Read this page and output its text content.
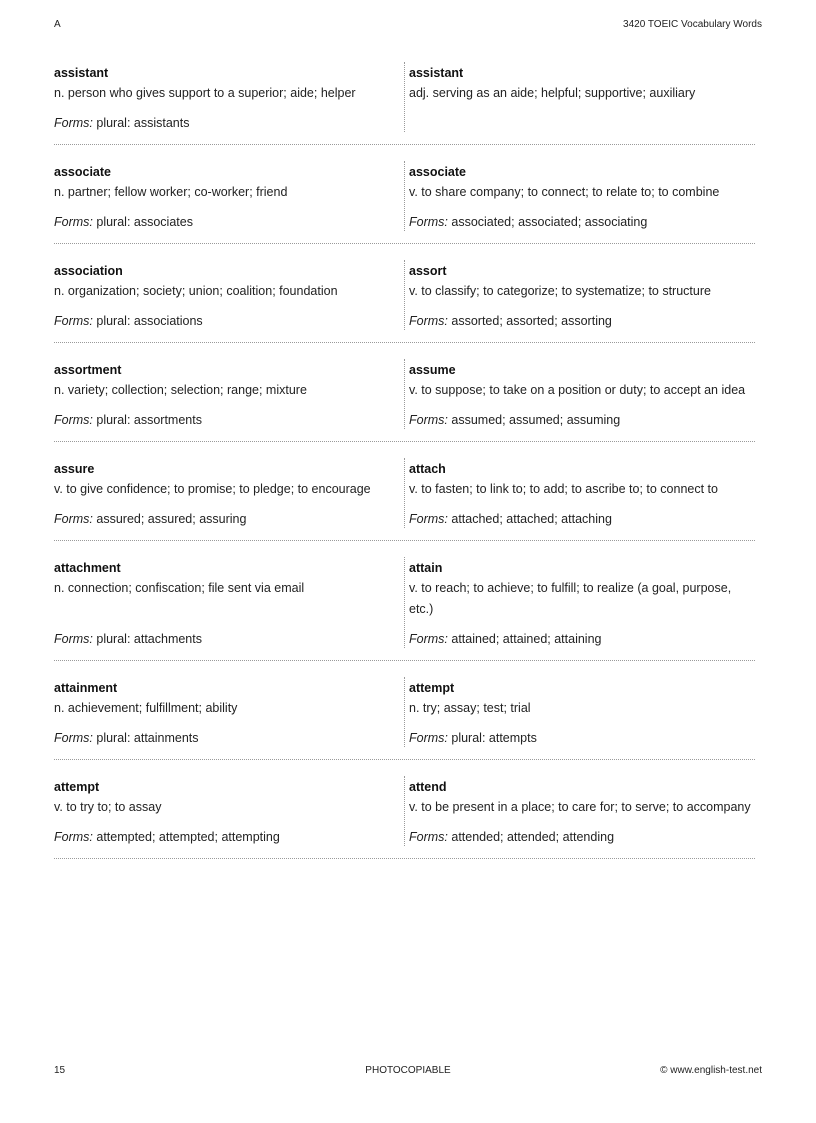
A	3420 TOEIC Vocabulary Words
assistant
n. person who gives support to a superior; aide; helper
Forms: plural: assistants
assistant
adj. serving as an aide; helpful; supportive; auxiliary
associate
n. partner; fellow worker; co-worker; friend
Forms: plural: associates
associate
v. to share company; to connect; to relate to; to combine
Forms: associated; associated; associating
association
n. organization; society; union; coalition; foundation
Forms: plural: associations
assort
v. to classify; to categorize; to systematize; to structure
Forms: assorted; assorted; assorting
assortment
n. variety; collection; selection; range; mixture
Forms: plural: assortments
assume
v. to suppose; to take on a position or duty; to accept an idea
Forms: assumed; assumed; assuming
assure
v. to give confidence; to promise; to pledge; to encourage
Forms: assured; assured; assuring
attach
v. to fasten; to link to; to add; to ascribe to; to connect to
Forms: attached; attached; attaching
attachment
n. connection; confiscation; file sent via email
Forms: plural: attachments
attain
v. to reach; to achieve; to fulfill; to realize (a goal, purpose, etc.)
Forms: attained; attained; attaining
attainment
n. achievement; fulfillment; ability
Forms: plural: attainments
attempt
n. try; assay; test; trial
Forms: plural: attempts
attempt
v. to try to; to assay
Forms: attempted; attempted; attempting
attend
v. to be present in a place; to care for; to serve; to accompany
Forms: attended; attended; attending
15	PHOTOCOPIABLE	© www.english-test.net
